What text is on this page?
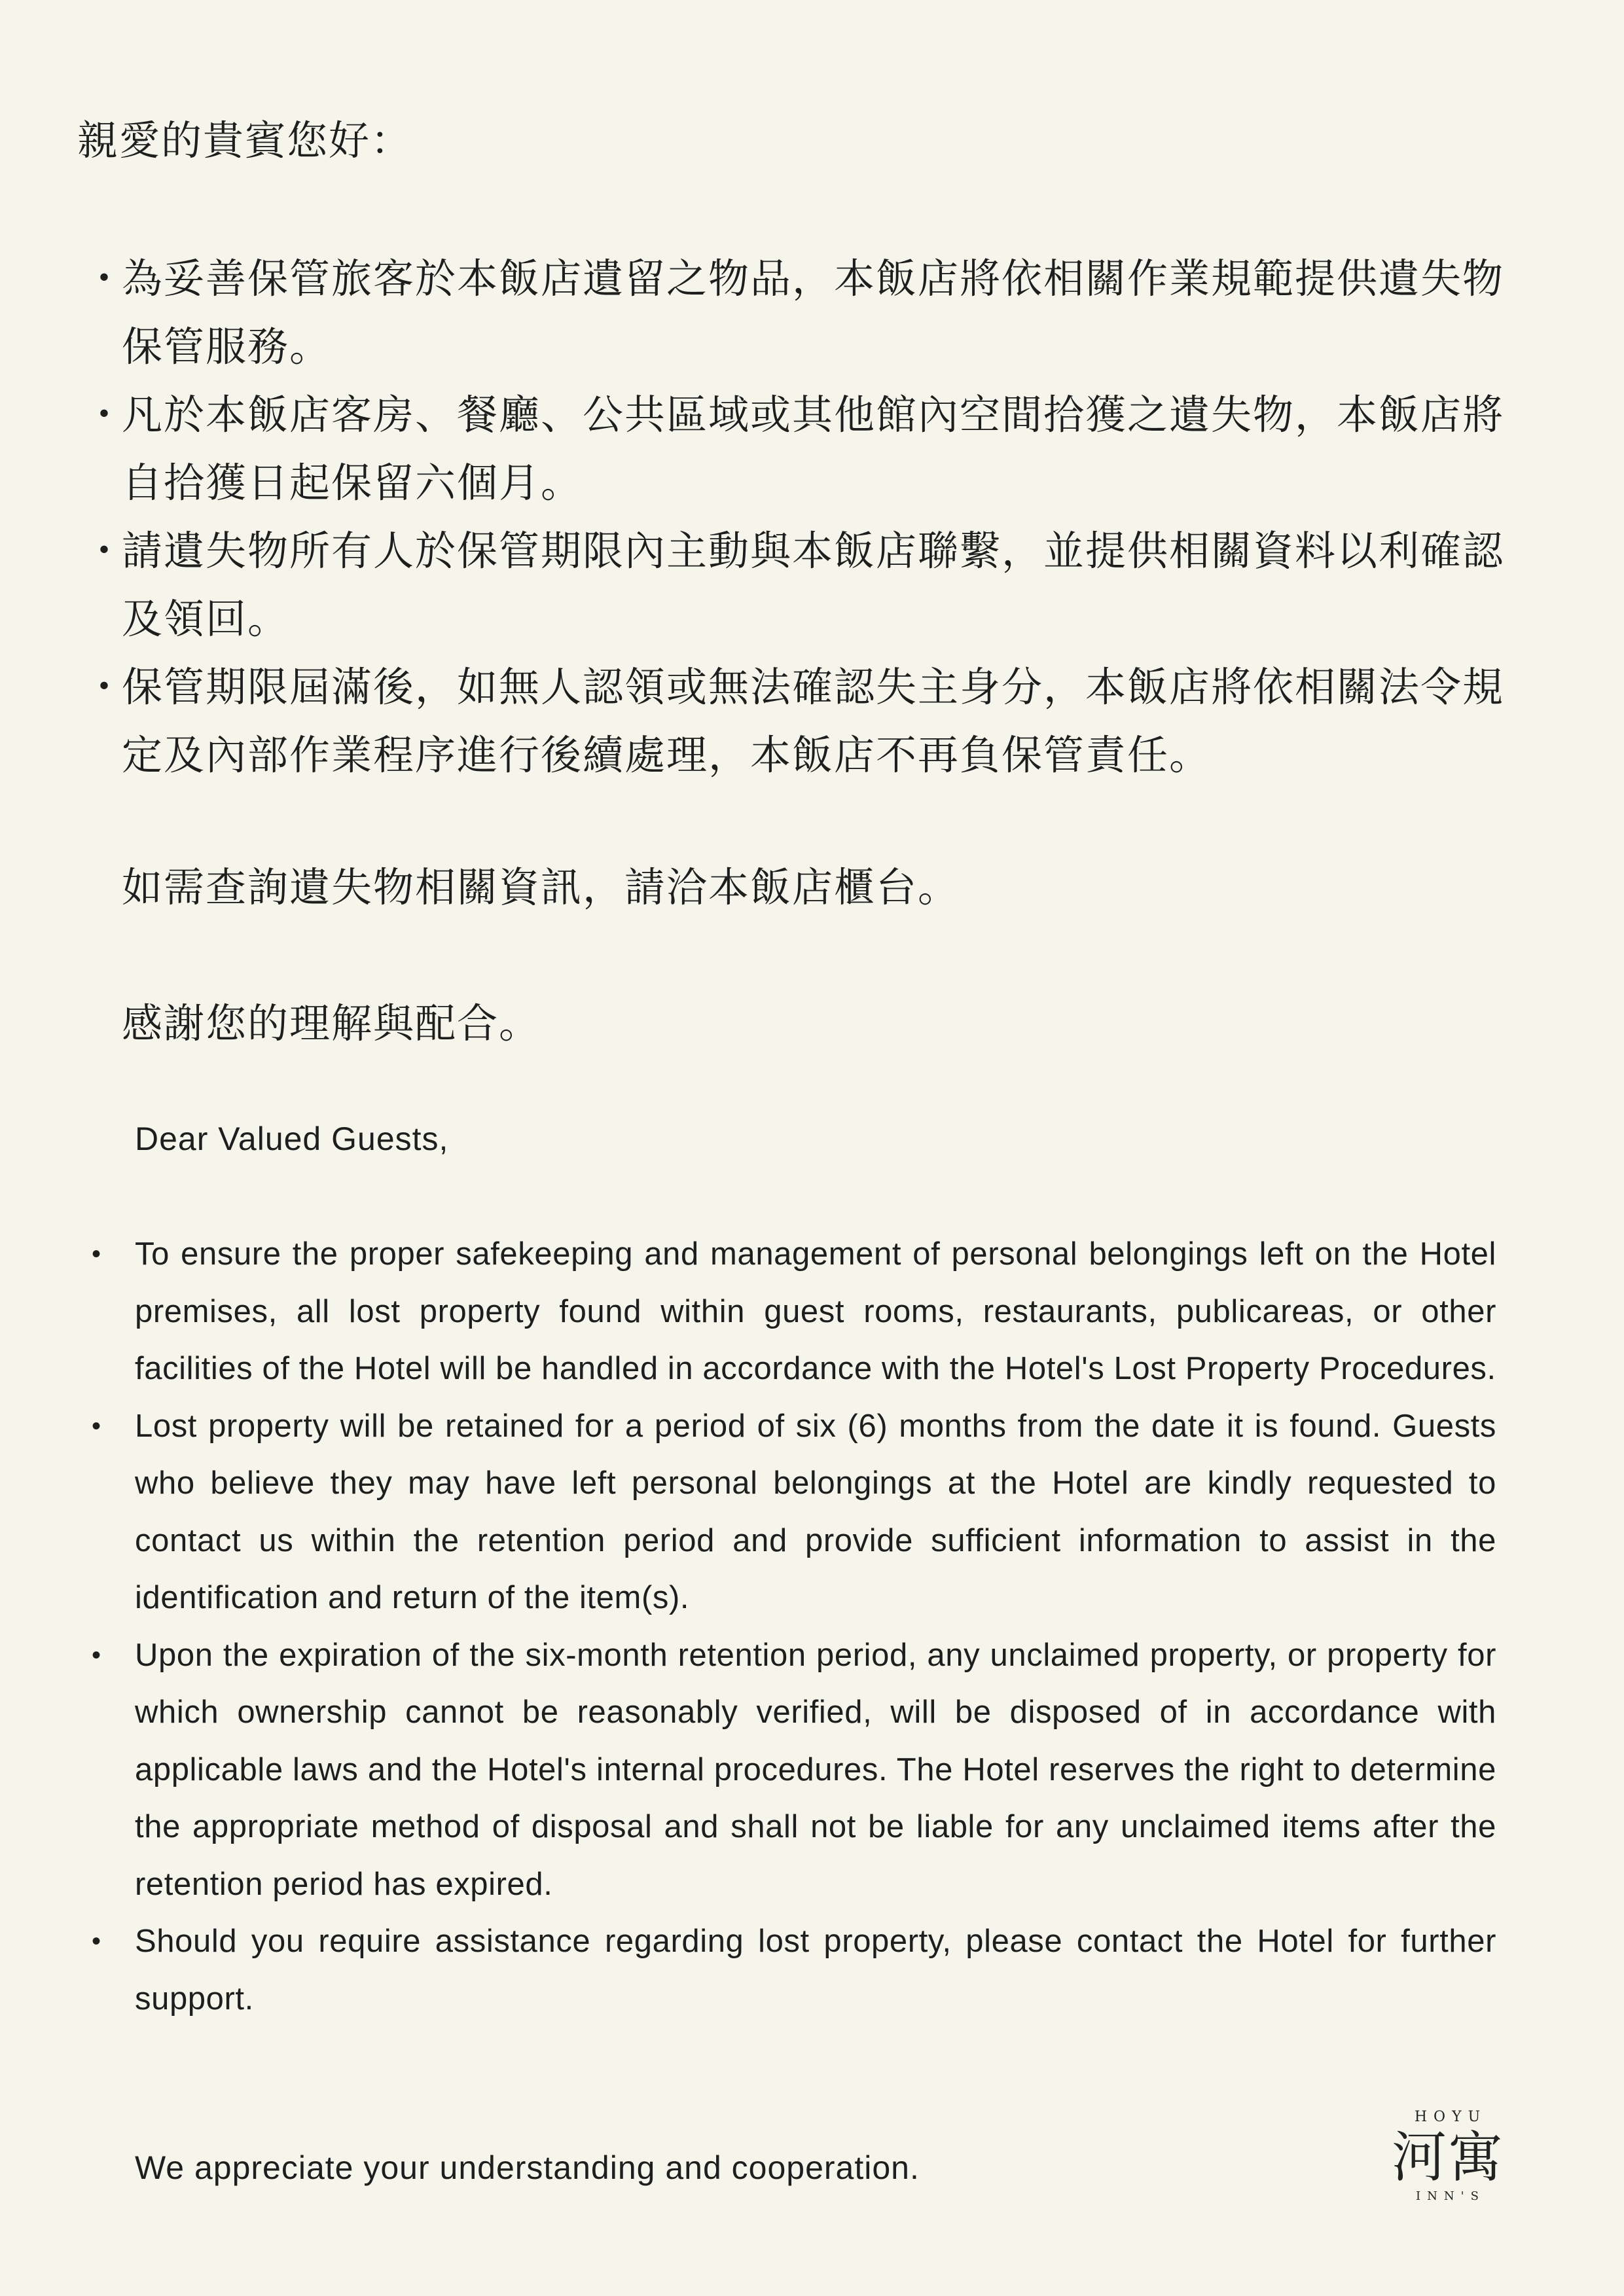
親愛的貴賓您好：

・
為妥善保管旅客於本飯店遺留之物品，本飯店將依相關作業規範提供遺失物保管服務。
・
凡於本飯店客房、餐廳、公共區域或其他館內空間拾獲之遺失物，本飯店將自拾獲日起保留六個月。
・
請遺失物所有人於保管期限內主動與本飯店聯繫，並提供相關資料以利確認及領回。
・
保管期限屆滿後，如無人認領或無法確認失主身分，本飯店將依相關法令規定及內部作業程序進行後續處理，本飯店不再負保管責任。

如需查詢遺失物相關資訊，請洽本飯店櫃台。

感謝您的理解與配合。

Dear Valued Guests,

• To ensure the proper safekeeping and management of personal belongings left on the Hotel premises, all lost property found within guest rooms, restaurants, publicareas, or other facilities of the Hotel will be handled in accordance with the Hotel's Lost Property Procedures.
• Lost property will be retained for a period of six (6) months from the date it is found. Guests who believe they may have left personal belongings at the Hotel are kindly requested to contact us within the retention period and provide sufficient information to assist in the identification and return of the item(s).
• Upon the expiration of the six-month retention period, any unclaimed property, or property for which ownership cannot be reasonably verified, will be disposed of in accordance with applicable laws and the Hotel's internal procedures. The Hotel reserves the right to determine the appropriate method of disposal and shall not be liable for any unclaimed items after the retention period has expired.
• Should you require assistance regarding lost property, please contact the Hotel for further support.

We appreciate your understanding and cooperation.

HOYU
河寓
INN'S
